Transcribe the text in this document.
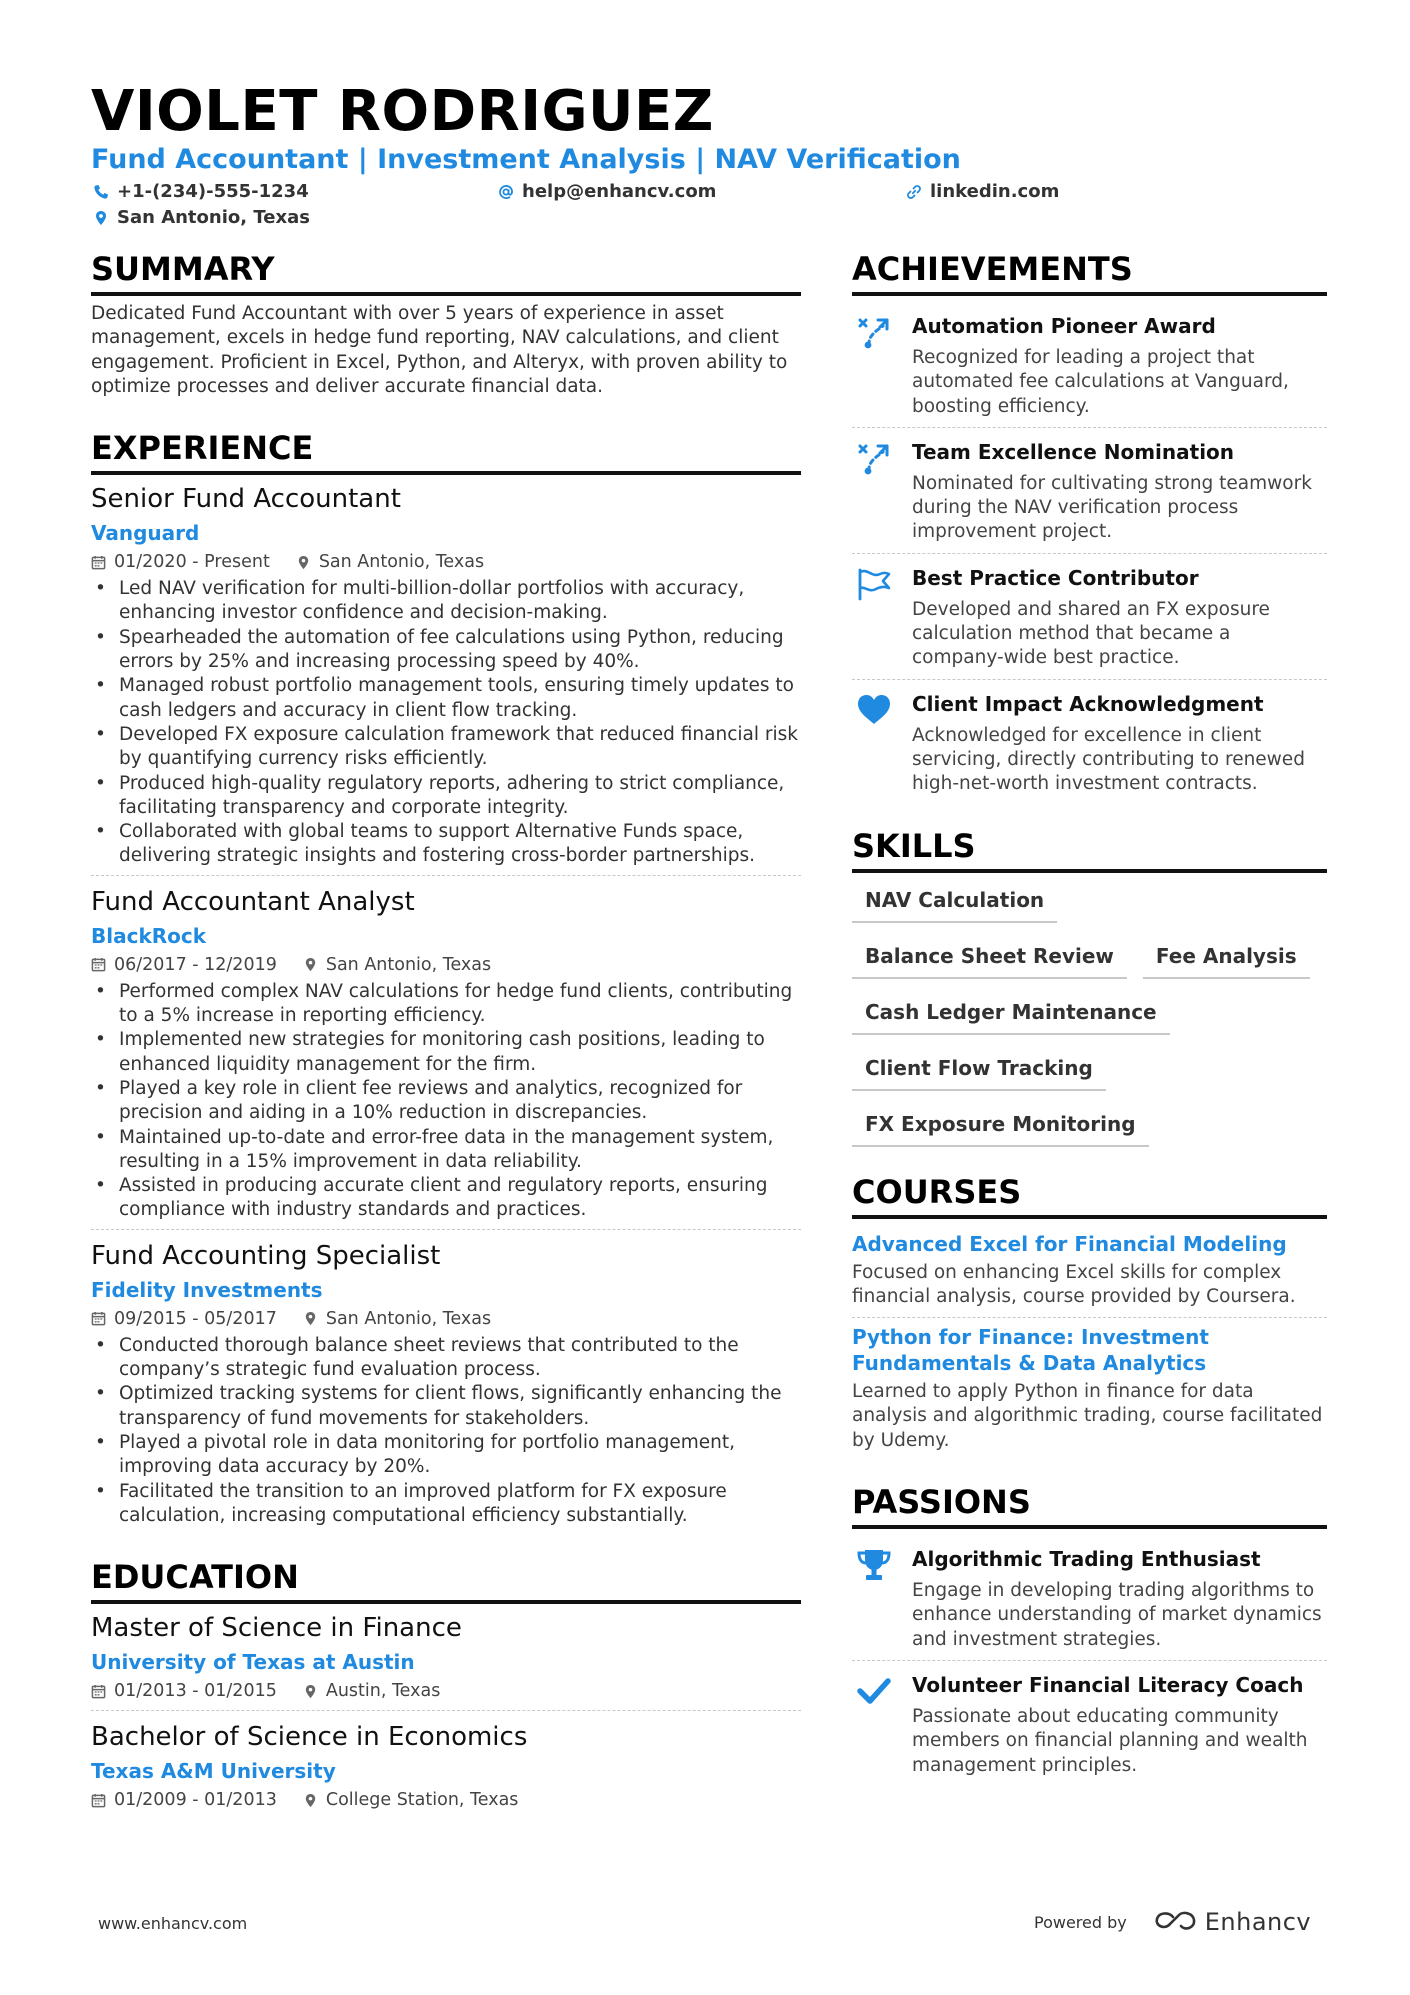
VIOLET RODRIGUEZ
Fund Accountant | Investment Analysis | NAV Verification
+1-(234)-555-1234	help@enhancv.com	linkedin.com
San Antonio, Texas
SUMMARY
Dedicated Fund Accountant with over 5 years of experience in asset management, excels in hedge fund reporting, NAV calculations, and client engagement. Proficient in Excel, Python, and Alteryx, with proven ability to optimize processes and deliver accurate financial data.
EXPERIENCE
Senior Fund Accountant
Vanguard
01/2020 - Present	San Antonio, Texas
• Led NAV verification for multi-billion-dollar portfolios with accuracy, enhancing investor confidence and decision-making.
• Spearheaded the automation of fee calculations using Python, reducing errors by 25% and increasing processing speed by 40%.
• Managed robust portfolio management tools, ensuring timely updates to cash ledgers and accuracy in client flow tracking.
• Developed FX exposure calculation framework that reduced financial risk by quantifying currency risks efficiently.
• Produced high-quality regulatory reports, adhering to strict compliance, facilitating transparency and corporate integrity.
• Collaborated with global teams to support Alternative Funds space, delivering strategic insights and fostering cross-border partnerships.
Fund Accountant Analyst
BlackRock
06/2017 - 12/2019	San Antonio, Texas
• Performed complex NAV calculations for hedge fund clients, contributing to a 5% increase in reporting efficiency.
• Implemented new strategies for monitoring cash positions, leading to enhanced liquidity management for the firm.
• Played a key role in client fee reviews and analytics, recognized for precision and aiding in a 10% reduction in discrepancies.
• Maintained up-to-date and error-free data in the management system, resulting in a 15% improvement in data reliability.
• Assisted in producing accurate client and regulatory reports, ensuring compliance with industry standards and practices.
Fund Accounting Specialist
Fidelity Investments
09/2015 - 05/2017	San Antonio, Texas
• Conducted thorough balance sheet reviews that contributed to the company’s strategic fund evaluation process.
• Optimized tracking systems for client flows, significantly enhancing the transparency of fund movements for stakeholders.
• Played a pivotal role in data monitoring for portfolio management, improving data accuracy by 20%.
• Facilitated the transition to an improved platform for FX exposure calculation, increasing computational efficiency substantially.
EDUCATION
Master of Science in Finance
University of Texas at Austin
01/2013 - 01/2015	Austin, Texas
Bachelor of Science in Economics
Texas A&M University
01/2009 - 01/2013	College Station, Texas
ACHIEVEMENTS
Automation Pioneer Award
Recognized for leading a project that automated fee calculations at Vanguard, boosting efficiency.
Team Excellence Nomination
Nominated for cultivating strong teamwork during the NAV verification process improvement project.
Best Practice Contributor
Developed and shared an FX exposure calculation method that became a company-wide best practice.
Client Impact Acknowledgment
Acknowledged for excellence in client servicing, directly contributing to renewed high-net-worth investment contracts.
SKILLS
NAV Calculation
Balance Sheet Review	Fee Analysis
Cash Ledger Maintenance
Client Flow Tracking
FX Exposure Monitoring
COURSES
Advanced Excel for Financial Modeling
Focused on enhancing Excel skills for complex financial analysis, course provided by Coursera.
Python for Finance: Investment Fundamentals & Data Analytics
Learned to apply Python in finance for data analysis and algorithmic trading, course facilitated by Udemy.
PASSIONS
Algorithmic Trading Enthusiast
Engage in developing trading algorithms to enhance understanding of market dynamics and investment strategies.
Volunteer Financial Literacy Coach
Passionate about educating community members on financial planning and wealth management principles.
www.enhancv.com	Powered by	Enhancv
